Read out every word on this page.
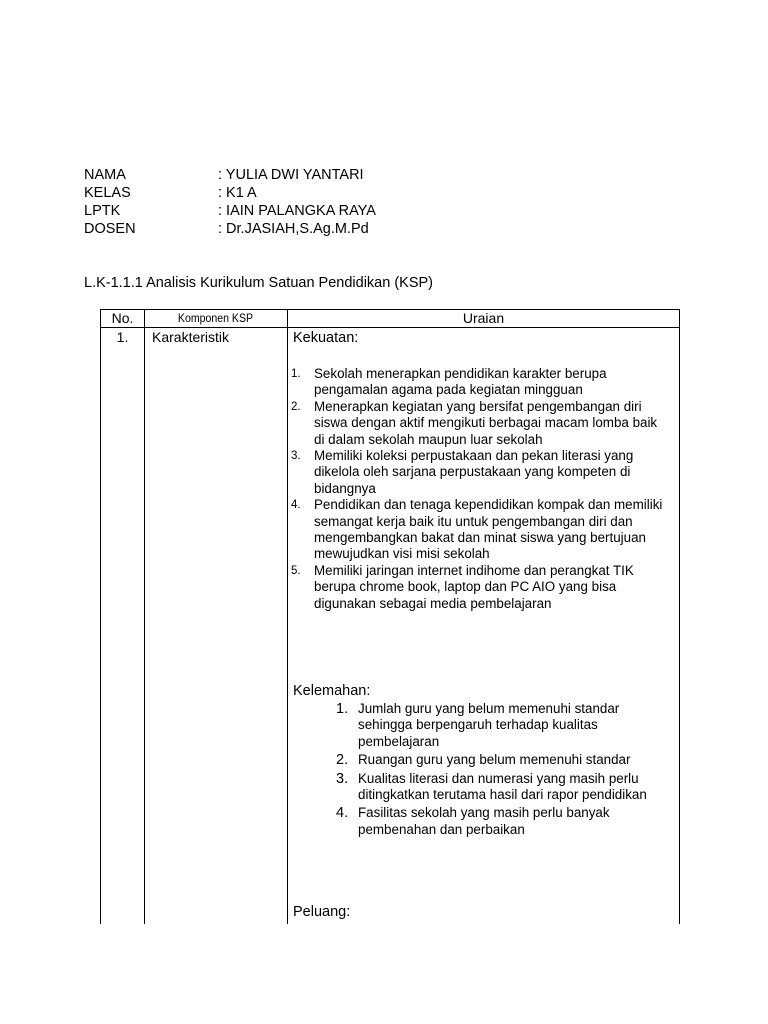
NAMA	: YULIA DWI YANTARI
KELAS	: K1 A
LPTK	: IAIN PALANGKA RAYA
DOSEN	: Dr.JASIAH,S.Ag.M.Pd
L.K-1.1.1 Analisis Kurikulum Satuan Pendidikan (KSP)
No.	Komponen KSP	Uraian
1.	Karakteristik	Kekuatan:
1. Sekolah menerapkan pendidikan karakter berupa
pengamalan agama pada kegiatan mingguan
2. Menerapkan kegiatan yang bersifat pengembangan diri
siswa dengan aktif mengikuti berbagai macam lomba baik
di dalam sekolah maupun luar sekolah
3. Memiliki koleksi perpustakaan dan pekan literasi yang
dikelola oleh sarjana perpustakaan yang kompeten di
bidangnya
4. Pendidikan dan tenaga kependidikan kompak dan memiliki
semangat kerja baik itu untuk pengembangan diri dan
mengembangkan bakat dan minat siswa yang bertujuan
mewujudkan visi misi sekolah
5. Memiliki jaringan internet indihome dan perangkat TIK
berupa chrome book, laptop dan PC AIO yang bisa
digunakan sebagai media pembelajaran
Kelemahan:
1. Jumlah guru yang belum memenuhi standar
sehingga berpengaruh terhadap kualitas
pembelajaran
2. Ruangan guru yang belum memenuhi standar
3. Kualitas literasi dan numerasi yang masih perlu
ditingkatkan terutama hasil dari rapor pendidikan
4. Fasilitas sekolah yang masih perlu banyak
pembenahan dan perbaikan
Peluang:
